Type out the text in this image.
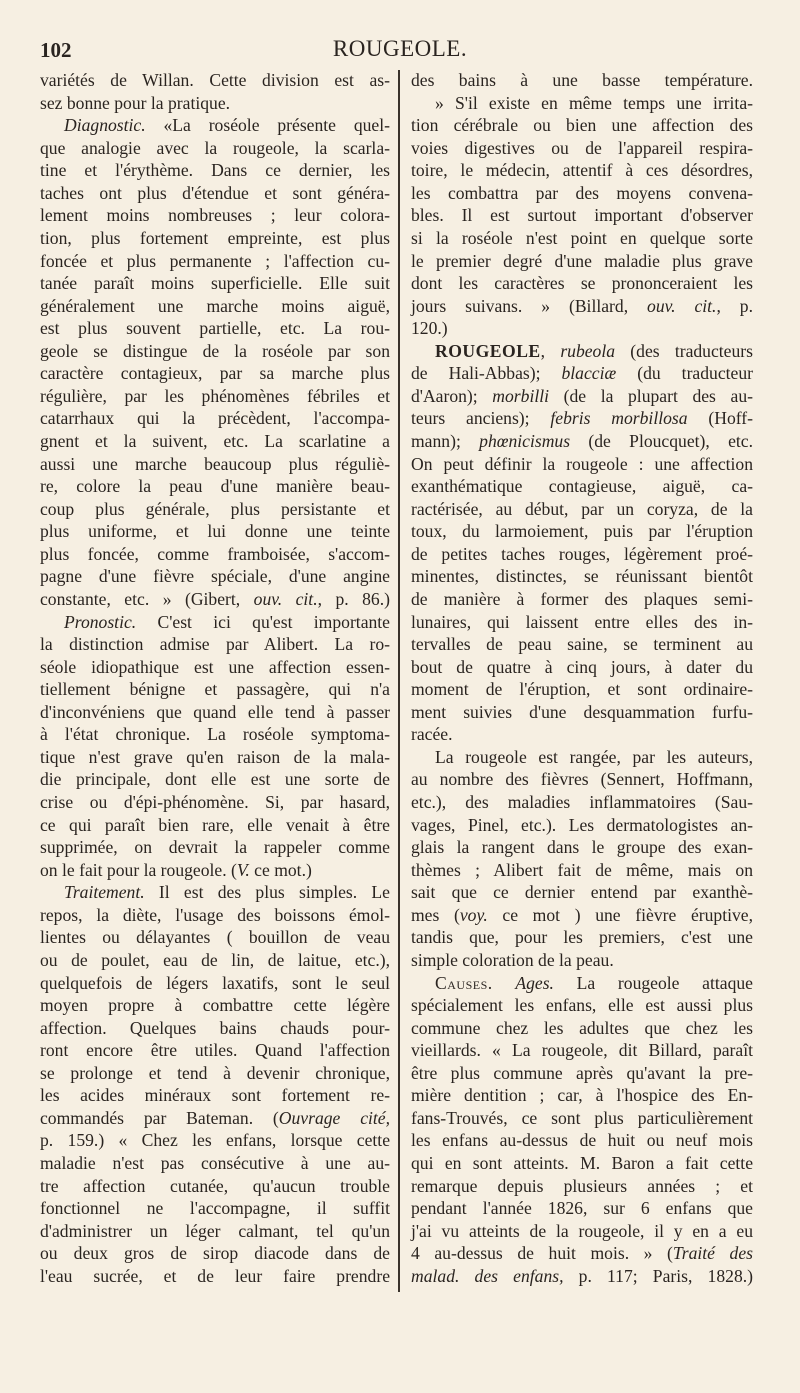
102	ROUGEOLE.
variétés de Willan. Cette division est as-
sez bonne pour la pratique.
Diagnostic. «La roséole présente quel-
que analogie avec la rougeole, la scarla-
tine et l'érythème. Dans ce dernier, les
taches ont plus d'étendue et sont généra-
lement moins nombreuses ; leur colora-
tion, plus fortement empreinte, est plus
foncée et plus permanente ; l'affection cu-
tanée paraît moins superficielle. Elle suit
généralement une marche moins aiguë,
est plus souvent partielle, etc. La rou-
geole se distingue de la roséole par son
caractère contagieux, par sa marche plus
régulière, par les phénomènes fébriles et
catarrhaux qui la précèdent, l'accompa-
gnent et la suivent, etc. La scarlatine a
aussi une marche beaucoup plus réguliè-
re, colore la peau d'une manière beau-
coup plus générale, plus persistante et
plus uniforme, et lui donne une teinte
plus foncée, comme framboisée, s'accom-
pagne d'une fièvre spéciale, d'une angine
constante, etc. » (Gibert, ouv. cit., p. 86.)
Pronostic. C'est ici qu'est importante
la distinction admise par Alibert. La ro-
séole idiopathique est une affection essen-
tiellement bénigne et passagère, qui n'a
d'inconvéniens que quand elle tend à passer
à l'état chronique. La roséole symptoma-
tique n'est grave qu'en raison de la mala-
die principale, dont elle est une sorte de
crise ou d'épi-phénomène. Si, par hasard,
ce qui paraît bien rare, elle venait à être
supprimée, on devrait la rappeler comme
on le fait pour la rougeole. (V. ce mot.)
Traitement. Il est des plus simples. Le
repos, la diète, l'usage des boissons émol-
lientes ou délayantes ( bouillon de veau
ou de poulet, eau de lin, de laitue, etc.),
quelquefois de légers laxatifs, sont le seul
moyen propre à combattre cette légère
affection. Quelques bains chauds pour-
ront encore être utiles. Quand l'affection
se prolonge et tend à devenir chronique,
les acides minéraux sont fortement re-
commandés par Bateman. (Ouvrage cité,
p. 159.) « Chez les enfans, lorsque cette
maladie n'est pas consécutive à une au-
tre affection cutanée, qu'aucun trouble
fonctionnel ne l'accompagne, il suffit
d'administrer un léger calmant, tel qu'un
ou deux gros de sirop diacode dans de
l'eau sucrée, et de leur faire prendre
des bains à une basse température.
» S'il existe en même temps une irrita-
tion cérébrale ou bien une affection des
voies digestives ou de l'appareil respira-
toire, le médecin, attentif à ces désordres,
les combattra par des moyens convena-
bles. Il est surtout important d'observer
si la roséole n'est point en quelque sorte
le premier degré d'une maladie plus grave
dont les caractères se prononceraient les
jours suivans. » (Billard, ouv. cit., p.
120.)
ROUGEOLE, rubeola (des traducteurs
de Hali-Abbas); blacciæ (du traducteur
d'Aaron); morbilli (de la plupart des au-
teurs anciens); febris morbillosa (Hoff-
mann); phœnicismus (de Ploucquet), etc.
On peut définir la rougeole : une affection
exanthématique contagieuse, aiguë, ca-
ractérisée, au début, par un coryza, de la
toux, du larmoiement, puis par l'éruption
de petites taches rouges, légèrement proé-
minentes, distinctes, se réunissant bientôt
de manière à former des plaques semi-
lunaires, qui laissent entre elles des in-
tervalles de peau saine, se terminent au
bout de quatre à cinq jours, à dater du
moment de l'éruption, et sont ordinaire-
ment suivies d'une desquammation furfu-
racée.
La rougeole est rangée, par les auteurs,
au nombre des fièvres (Sennert, Hoffmann,
etc.), des maladies inflammatoires (Sau-
vages, Pinel, etc.). Les dermatologistes an-
glais la rangent dans le groupe des exan-
thèmes ; Alibert fait de même, mais on
sait que ce dernier entend par exanthè-
mes (voy. ce mot ) une fièvre éruptive,
tandis que, pour les premiers, c'est une
simple coloration de la peau.
Causes. Ages. La rougeole attaque
spécialement les enfans, elle est aussi plus
commune chez les adultes que chez les
vieillards. « La rougeole, dit Billard, paraît
être plus commune après qu'avant la pre-
mière dentition ; car, à l'hospice des En-
fans-Trouvés, ce sont plus particulièrement
les enfans au-dessus de huit ou neuf mois
qui en sont atteints. M. Baron a fait cette
remarque depuis plusieurs années ; et
pendant l'année 1826, sur 6 enfans que
j'ai vu atteints de la rougeole, il y en a eu
4 au-dessus de huit mois. » (Traité des
malad. des enfans, p. 117; Paris, 1828.)
